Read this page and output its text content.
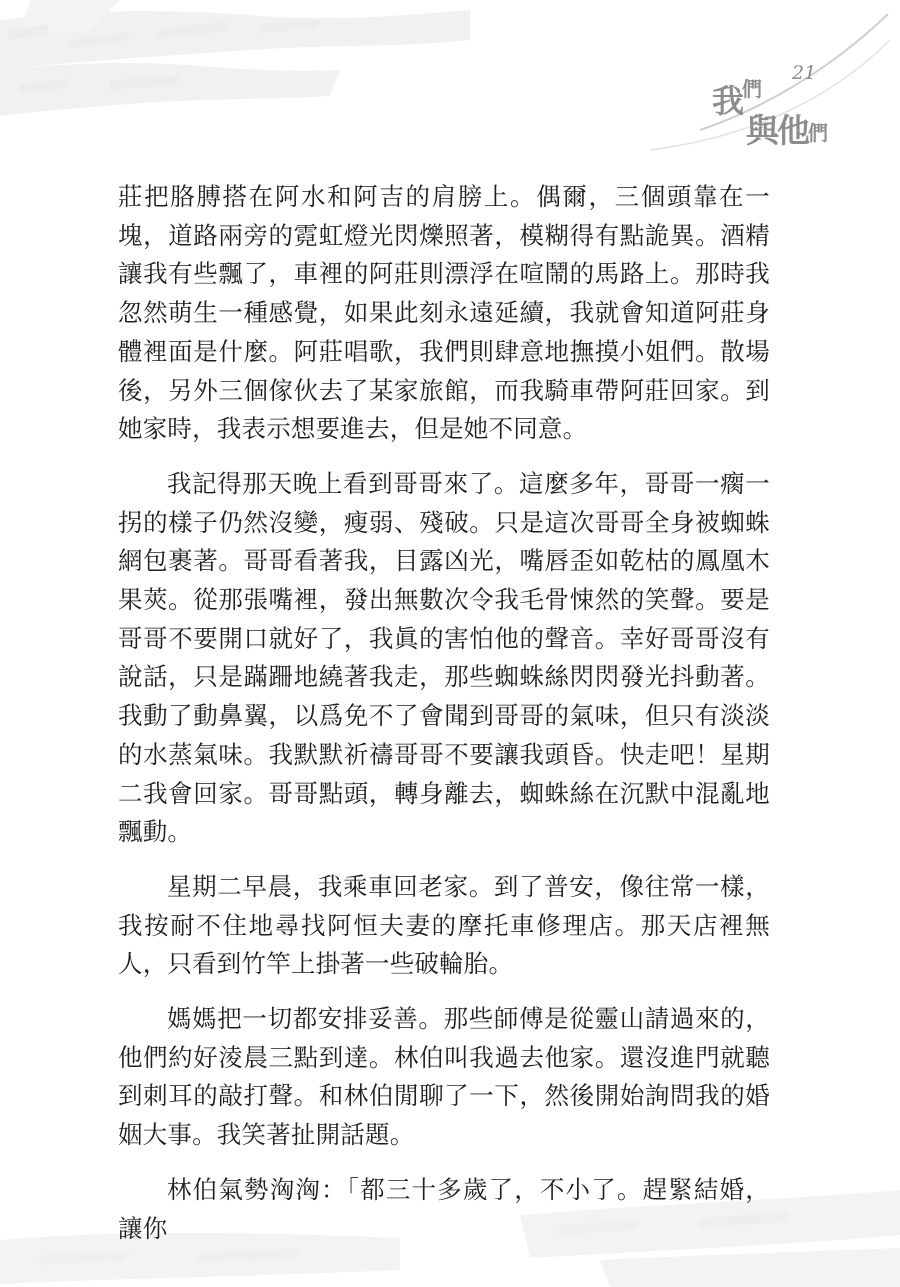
21
我$^們$
與他們

莊把胳膊搭在阿水和阿吉的肩膀上。偶爾，三個頭靠在一塊，道路兩旁的霓虹燈光閃爍照著，模糊得有點詭異。酒精讓我有些飄了，車裡的阿莊則漂浮在喧鬧的馬路上。那時我忽然萌生一種感覺，如果此刻永遠延續，我就會知道阿莊身體裡面是什麼。阿莊唱歌，我們則肆意地撫摸小姐們。散場後，另外三個傢伙去了某家旅館，而我騎車帶阿莊回家。到她家時，我表示想要進去，但是她不同意。

我記得那天晚上看到哥哥來了。這麼多年，哥哥一瘸一拐的樣子仍然沒變，瘦弱、殘破。只是這次哥哥全身被蜘蛛網包裹著。哥哥看著我，目露凶光，嘴唇歪如乾枯的鳳凰木果莢。從那張嘴裡，發出無數次令我毛骨悚然的笑聲。要是哥哥不要開口就好了，我眞的害怕他的聲音。幸好哥哥沒有說話，只是蹣跚地繞著我走，那些蜘蛛絲閃閃發光抖動著。我動了動鼻翼，以爲免不了會聞到哥哥的氣味，但只有淡淡的水蒸氣味。我默默祈禱哥哥不要讓我頭昏。快走吧！星期二我會回家。哥哥點頭，轉身離去，蜘蛛絲在沉默中混亂地飄動。

星期二早晨，我乘車回老家。到了普安，像往常一樣，我按耐不住地尋找阿恒夫妻的摩托車修理店。那天店裡無人，只看到竹竿上掛著一些破輪胎。

媽媽把一切都安排妥善。那些師傅是從靈山請過來的，他們約好淩晨三點到達。林伯叫我過去他家。還沒進門就聽到刺耳的敲打聲。和林伯閒聊了一下，然後開始詢問我的婚姻大事。我笑著扯開話題。

林伯氣勢洶洶：「都三十多歲了，不小了。趕緊結婚，讓你
